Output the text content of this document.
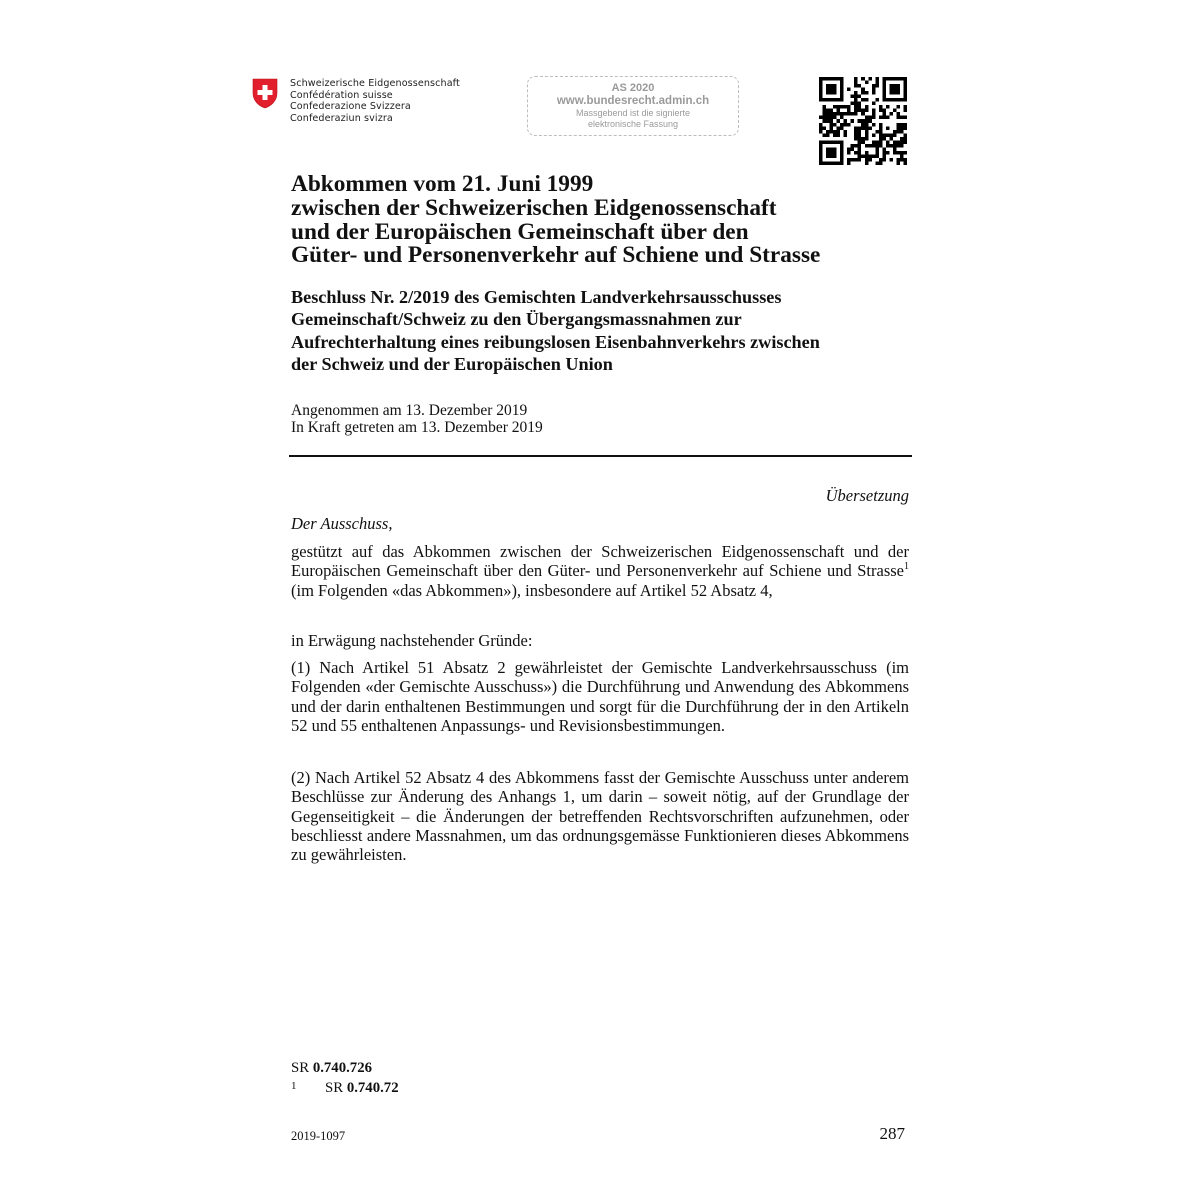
Schweizerische Eidgenossenschaft
Confédération suisse
Confederazione Svizzera
Confederaziun svizra
AS 2020
www.bundesrecht.admin.ch
Massgebend ist die signierte
elektronische Fassung
Abkommen vom 21. Juni 1999
zwischen der Schweizerischen Eidgenossenschaft
und der Europäischen Gemeinschaft über den
Güter- und Personenverkehr auf Schiene und Strasse
Beschluss Nr. 2/2019 des Gemischten Landverkehrsausschusses
Gemeinschaft/Schweiz zu den Übergangsmassnahmen zur
Aufrechterhaltung eines reibungslosen Eisenbahnverkehrs zwischen
der Schweiz und der Europäischen Union
Angenommen am 13. Dezember 2019
In Kraft getreten am 13. Dezember 2019
Übersetzung
Der Ausschuss,
gestützt auf das Abkommen zwischen der Schweizerischen Eidgenossenschaft und der Europäischen Gemeinschaft über den Güter- und Personenverkehr auf Schiene und Strasse$^1$ (im Folgenden «das Abkommen»), insbesondere auf Artikel 52 Absatz 4,
in Erwägung nachstehender Gründe:
(1) Nach Artikel 51 Absatz 2 gewährleistet der Gemischte Landverkehrsausschuss (im Folgenden «der Gemischte Ausschuss») die Durchführung und Anwendung des Abkommens und der darin enthaltenen Bestimmungen und sorgt für die Durchführung der in den Artikeln 52 und 55 enthaltenen Anpassungs- und Revisionsbestimmungen.
(2) Nach Artikel 52 Absatz 4 des Abkommens fasst der Gemischte Ausschuss unter anderem Beschlüsse zur Änderung des Anhangs 1, um darin – soweit nötig, auf der Grundlage der Gegenseitigkeit – die Änderungen der betreffenden Rechtsvorschriften aufzunehmen, oder beschliesst andere Massnahmen, um das ordnungsgemässe Funktionieren dieses Abkommens zu gewährleisten.
SR 0.740.726
1 SR 0.740.72
2019-1097	287
